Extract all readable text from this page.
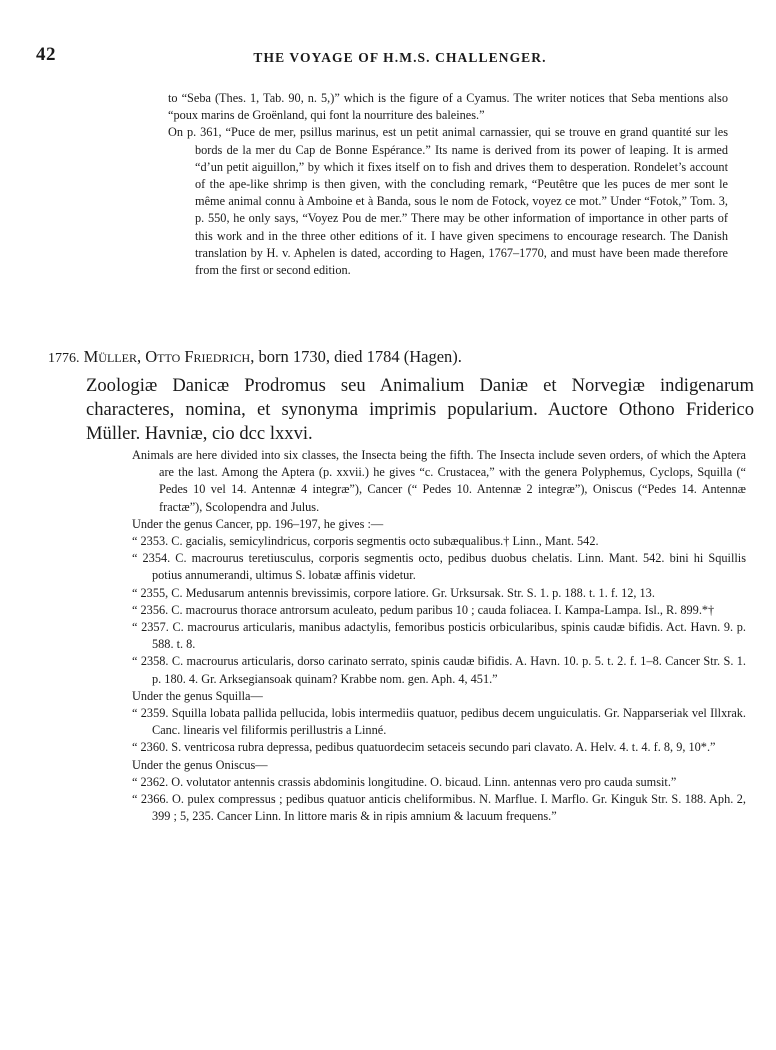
42	THE VOYAGE OF H.M.S. CHALLENGER.

to “Seba (Thes. 1, Tab. 90, n. 5,)” which is the figure of a Cyamus. The writer notices that Seba mentions also “poux marins de Groënland, qui font la nourriture des baleines.”

On p. 361, “Puce de mer, psillus marinus, est un petit animal carnassier, qui se trouve en grand quantité sur les bords de la mer du Cap de Bonne Espérance.” Its name is derived from its power of leaping. It is armed “d’un petit aiguillon,” by which it fixes itself on to fish and drives them to desperation. Rondelet’s account of the ape-like shrimp is then given, with the concluding remark, “Peutêtre que les puces de mer sont le même animal connu à Amboine et à Banda, sous le nom de Fotock, voyez ce mot.” Under “Fotok,” Tom. 3, p. 550, he only says, “Voyez Pou de mer.” There may be other information of importance in other parts of this work and in the three other editions of it. I have given specimens to encourage research. The Danish translation by H. v. Aphelen is dated, according to Hagen, 1767–1770, and must have been made therefore from the first or second edition.

1776. Müller, Otto Friedrich, born 1730, died 1784 (Hagen).
Zoologiæ Danicæ Prodromus seu Animalium Daniæ et Norvegiæ indigenarum
characteres, nomina, et synonyma imprimis popularium. Auctore Othono Friderico
Müller. Havniæ, cio dcc lxxvi.

Animals are here divided into six classes, the Insecta being the fifth. The Insecta include seven orders, of which the Aptera are the last. Among the Aptera (p. xxvii.) he gives “c. Crustacea,” with the genera Polyphemus, Cyclops, Squilla (“ Pedes 10 vel 14. Antennæ 4 integræ”), Cancer (“ Pedes 10. Antennæ 2 integræ”), Oniscus (“Pedes 14. Antennæ fractæ”), Scolopendra and Julus.

Under the genus Cancer, pp. 196–197, he gives :—

“ 2353. C. gacialis, semicylindricus, corporis segmentis octo subæqualibus.† Linn., Mant. 542.

“ 2354. C. macrourus teretiusculus, corporis segmentis octo, pedibus duobus chelatis. Linn. Mant. 542. bini hi Squillis potius annumerandi, ultimus S. lobatæ affinis videtur.

“ 2355, C. Medusarum antennis brevissimis, corpore latiore. Gr. Urksursak. Str. S. 1. p. 188. t. 1. f. 12, 13.

“ 2356. C. macrourus thorace antrorsum aculeato, pedum paribus 10 ; cauda foliacea. I. Kampa-Lampa. Isl., R. 899.*†

“ 2357. C. macrourus articularis, manibus adactylis, femoribus posticis orbicularibus, spinis caudæ bifidis. Act. Havn. 9. p. 588. t. 8.

“ 2358. C. macrourus articularis, dorso carinato serrato, spinis caudæ bifidis. A. Havn. 10. p. 5. t. 2. f. 1–8. Cancer Str. S. 1. p. 180. 4. Gr. Arksegiansoak quinam? Krabbe nom. gen. Aph. 4, 451.”

Under the genus Squilla—

“ 2359. Squilla lobata pallida pellucida, lobis intermediis quatuor, pedibus decem unguiculatis. Gr. Napparseriak vel Illxrak. Canc. linearis vel filiformis perillustris a Linné.

“ 2360. S. ventricosa rubra depressa, pedibus quatuordecim setaceis secundo pari clavato. A. Helv. 4. t. 4. f. 8, 9, 10*.”

Under the genus Oniscus—

“ 2362. O. volutator antennis crassis abdominis longitudine. O. bicaud. Linn. antennas vero pro cauda sumsit.”

“ 2366. O. pulex compressus ; pedibus quatuor anticis cheliformibus. N. Marflue. I. Marflo. Gr. Kinguk Str. S. 188. Aph. 2, 399 ; 5, 235. Cancer Linn. In littore maris & in ripis amnium & lacuum frequens.”
